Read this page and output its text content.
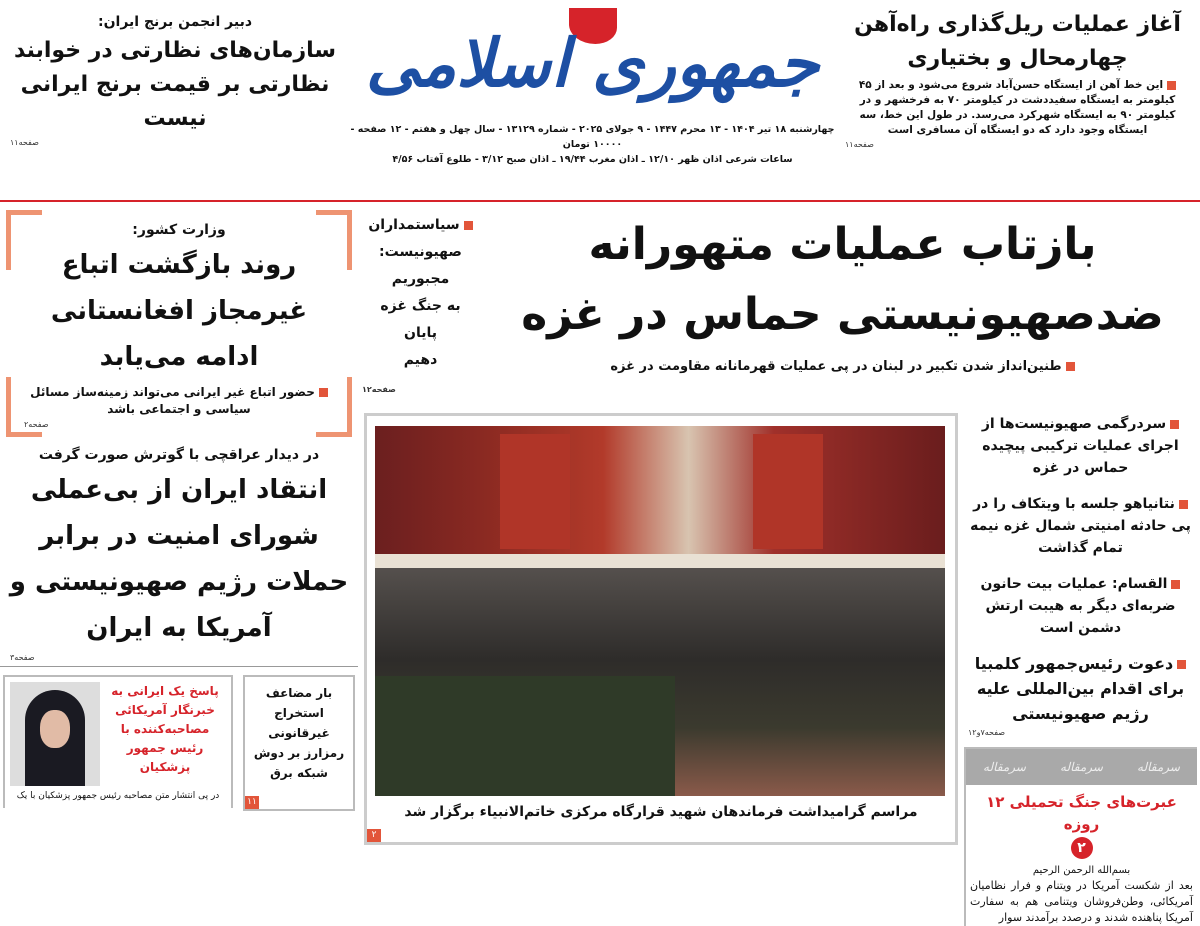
دبیر انجمن برنج ایران:
سازمان‌های نظارتی در خوابند نظارتی بر قیمت برنج ایرانی نیست
صفحه۱۱
جمهوری اسلامی
چهارشنبه ۱۸ تیر ۱۴۰۴ - ۱۳ محرم ۱۴۴۷ - ۹ جولای ۲۰۲۵ - شماره ۱۳۱۲۹ - سال چهل و هفتم - ۱۲ صفحه - ۱۰۰۰۰ تومان
ساعات شرعی اذان ظهر ۱۲/۱۰ ـ اذان مغرب ۱۹/۴۴ ـ اذان صبح ۳/۱۲ - طلوع آفتاب ۴/۵۶
آغاز عملیات ریل‌گذاری راه‌آهن چهارمحال و بختیاری
این خط آهن از ایستگاه حسن‌آباد شروع می‌شود و بعد از ۴۵ کیلومتر به ایستگاه سفیددشت در کیلومتر ۷۰ به فرخشهر و در کیلومتر ۹۰ به ایستگاه شهرکرد می‌رسد. در طول این خط، سه ایستگاه وجود دارد که دو ایستگاه آن مسافری است
صفحه۱۱
وزارت کشور:
روند بازگشت اتباع غیرمجاز افغانستانی ادامه می‌یابد
حضور اتباع غیر ایرانی می‌تواند زمینه‌ساز مسائل سیاسی و اجتماعی باشد
صفحه۲
در دیدار عراقچی با گوترش صورت گرفت
انتقاد ایران از بی‌عملی شورای امنیت در برابر حملات رژیم صهیونیستی و آمریکا به ایران
صفحه۳
پاسخ یک ایرانی به خبرنگار آمریکائی مصاحبه‌کننده با رئیس جمهور پزشکیان
در پی انتشار متن مصاحبه رئیس جمهور پزشکیان با یک
بار مضاعف استخراج غیرقانونی رمزارز بر دوش شبکه برق
۱۱
سیاستمداران
صهیونیست:
مجبوریم
به جنگ غزه
پایان
دهیم
صفحه۱۲
بازتاب عملیات متهورانه
ضدصهیونیستی حماس در غزه
طنین‌انداز شدن تکبیر در لبنان در پی عملیات قهرمانانه مقاومت در غزه
مراسم گرامیداشت فرماندهان شهید قرارگاه مرکزی خاتم‌الانبیاء برگزار شد
۲
سردرگمی صهیونیست‌ها از اجرای عملیات ترکیبی پیچیده حماس در غزه
نتانیاهو جلسه با ویتکاف را در پی حادثه امنیتی شمال غزه نیمه تمام گذاشت
القسام: عملیات بیت حانون ضربه‌ای دیگر به هیبت ارتش دشمن است
دعوت رئیس‌جمهور کلمبیا برای اقدام بین‌المللی علیه رژیم صهیونیستی
صفحه۷و۱۲
سرمقاله	سرمقاله	سرمقاله
عبرت‌های جنگ تحمیلی ۱۲ روزه
۲
بسم‌الله الرحمن الرحیم
بعد از شکست آمریکا در ویتنام و فرار نظامیان آمریکائی، وطن‌فروشان ویتنامی هم به سفارت آمریکا پناهنده شدند و درصدد برآمدند سوار
